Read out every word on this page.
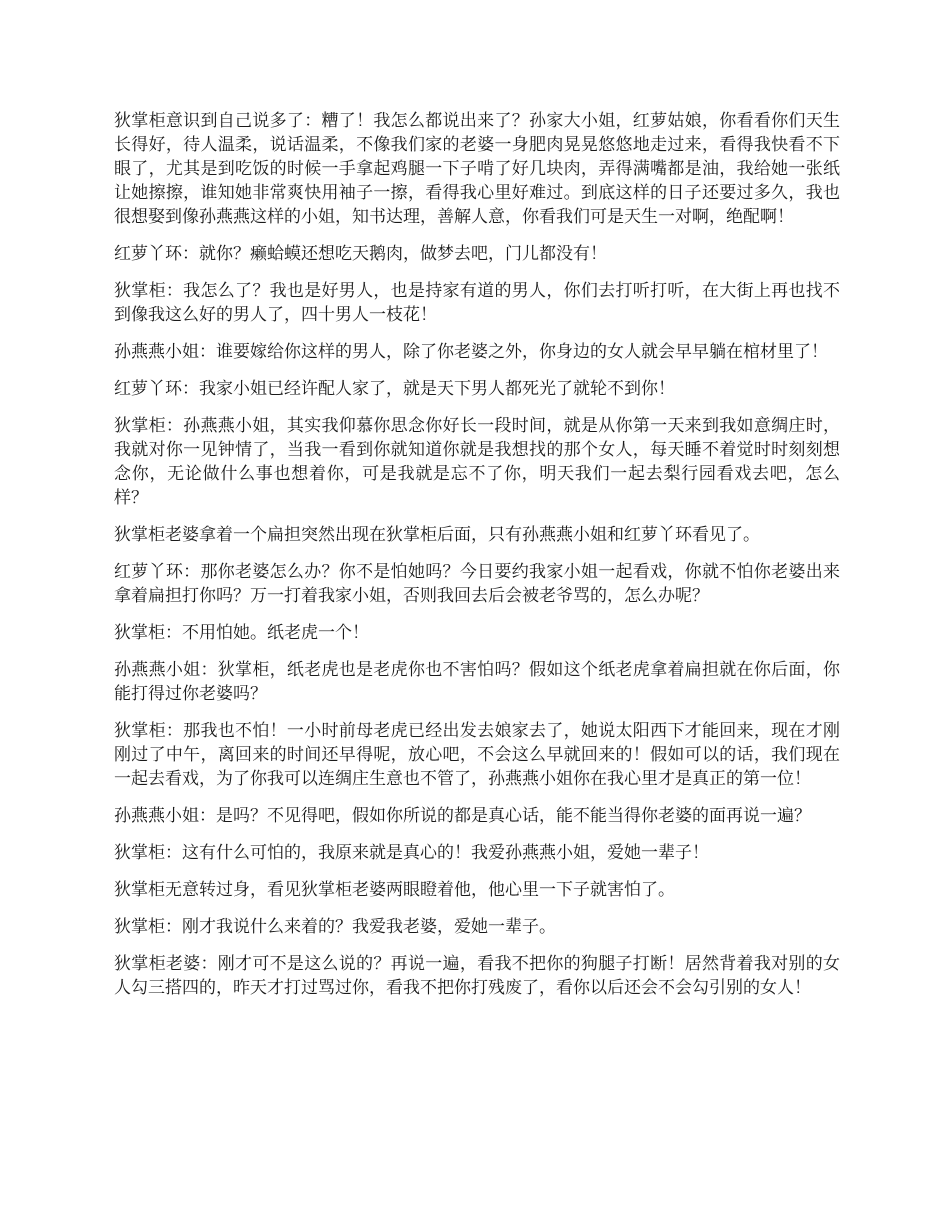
狄掌柜意识到自己说多了：糟了！我怎么都说出来了？孙家大小姐，红萝姑娘，你看看你们天生长得好，待人温柔，说话温柔，不像我们家的老婆一身肥肉晃晃悠悠地走过来，看得我快看不下眼了，尤其是到吃饭的时候一手拿起鸡腿一下子啃了好几块肉，弄得满嘴都是油，我给她一张纸让她擦擦，谁知她非常爽快用袖子一擦，看得我心里好难过。到底这样的日子还要过多久，我也很想娶到像孙燕燕这样的小姐，知书达理，善解人意，你看我们可是天生一对啊，绝配啊！

红萝丫环：就你？癞蛤蟆还想吃天鹅肉，做梦去吧，门儿都没有！

狄掌柜：我怎么了？我也是好男人，也是持家有道的男人，你们去打听打听，在大街上再也找不到像我这么好的男人了，四十男人一枝花！

孙燕燕小姐：谁要嫁给你这样的男人，除了你老婆之外，你身边的女人就会早早躺在棺材里了！

红萝丫环：我家小姐已经许配人家了，就是天下男人都死光了就轮不到你！

狄掌柜：孙燕燕小姐，其实我仰慕你思念你好长一段时间，就是从你第一天来到我如意绸庄时，我就对你一见钟情了，当我一看到你就知道你就是我想找的那个女人，每天睡不着觉时时刻刻想念你，无论做什么事也想着你，可是我就是忘不了你，明天我们一起去梨行园看戏去吧，怎么样？

狄掌柜老婆拿着一个扁担突然出现在狄掌柜后面，只有孙燕燕小姐和红萝丫环看见了。

红萝丫环：那你老婆怎么办？你不是怕她吗？今日要约我家小姐一起看戏，你就不怕你老婆出来拿着扁担打你吗？万一打着我家小姐，否则我回去后会被老爷骂的，怎么办呢？

狄掌柜：不用怕她。纸老虎一个！

孙燕燕小姐：狄掌柜，纸老虎也是老虎你也不害怕吗？假如这个纸老虎拿着扁担就在你后面，你能打得过你老婆吗？

狄掌柜：那我也不怕！一小时前母老虎已经出发去娘家去了，她说太阳西下才能回来，现在才刚刚过了中午，离回来的时间还早得呢，放心吧，不会这么早就回来的！假如可以的话，我们现在一起去看戏，为了你我可以连绸庄生意也不管了，孙燕燕小姐你在我心里才是真正的第一位！

孙燕燕小姐：是吗？不见得吧，假如你所说的都是真心话，能不能当得你老婆的面再说一遍？

狄掌柜：这有什么可怕的，我原来就是真心的！我爱孙燕燕小姐，爱她一辈子！

狄掌柜无意转过身，看见狄掌柜老婆两眼瞪着他，他心里一下子就害怕了。

狄掌柜：刚才我说什么来着的？我爱我老婆，爱她一辈子。

狄掌柜老婆：刚才可不是这么说的？再说一遍，看我不把你的狗腿子打断！居然背着我对别的女人勾三搭四的，昨天才打过骂过你，看我不把你打残废了，看你以后还会不会勾引别的女人！
